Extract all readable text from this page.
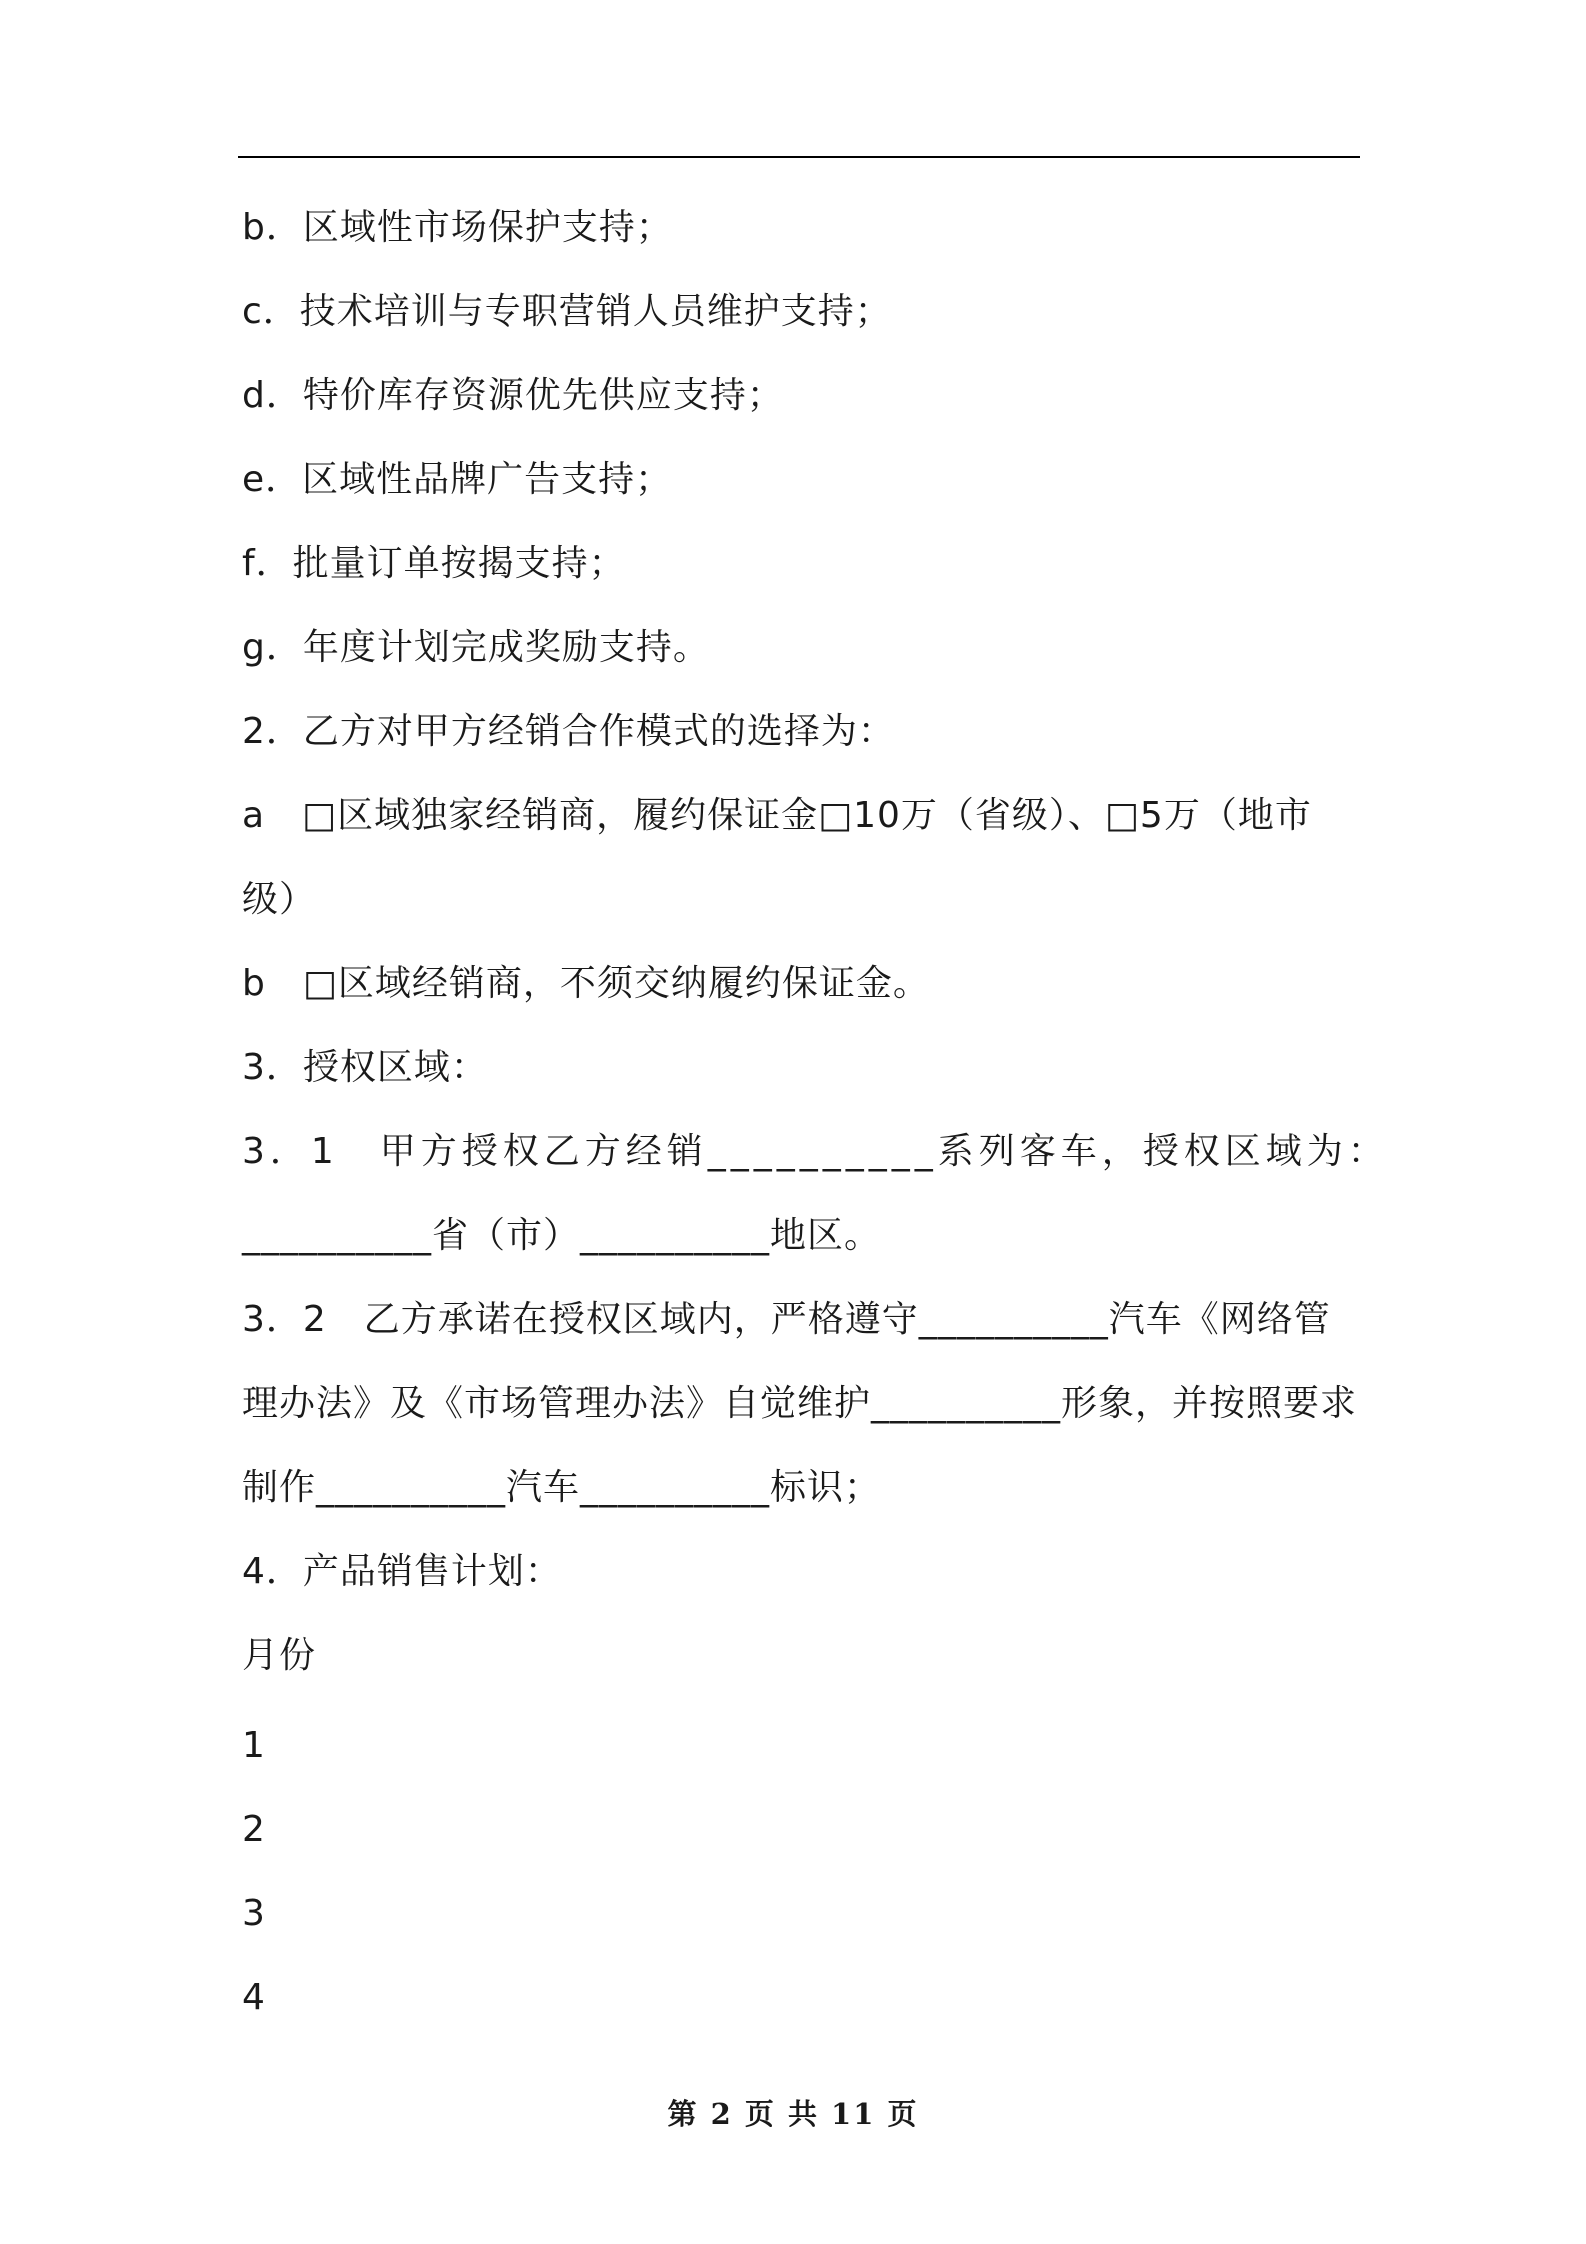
b．区域性市场保护支持；
c．技术培训与专职营销人员维护支持；
d．特价库存资源优先供应支持；
e．区域性品牌广告支持；
f．批量订单按揭支持；
g．年度计划完成奖励支持。
2．乙方对甲方经销合作模式的选择为：
a　□区域独家经销商，履约保证金□10万（省级）、□5万（地市
级）
b　□区域经销商，不须交纳履约保证金。
3．授权区域：
3．1　甲方授权乙方经销__________系列客车，授权区域为：
__________省（市）__________地区。
3．2　乙方承诺在授权区域内，严格遵守__________汽车《网络管
理办法》及《市场管理办法》自觉维护__________形象，并按照要求
制作__________汽车__________标识；
4．产品销售计划：
月份
1
2
3
4
第 2 页 共 11 页
